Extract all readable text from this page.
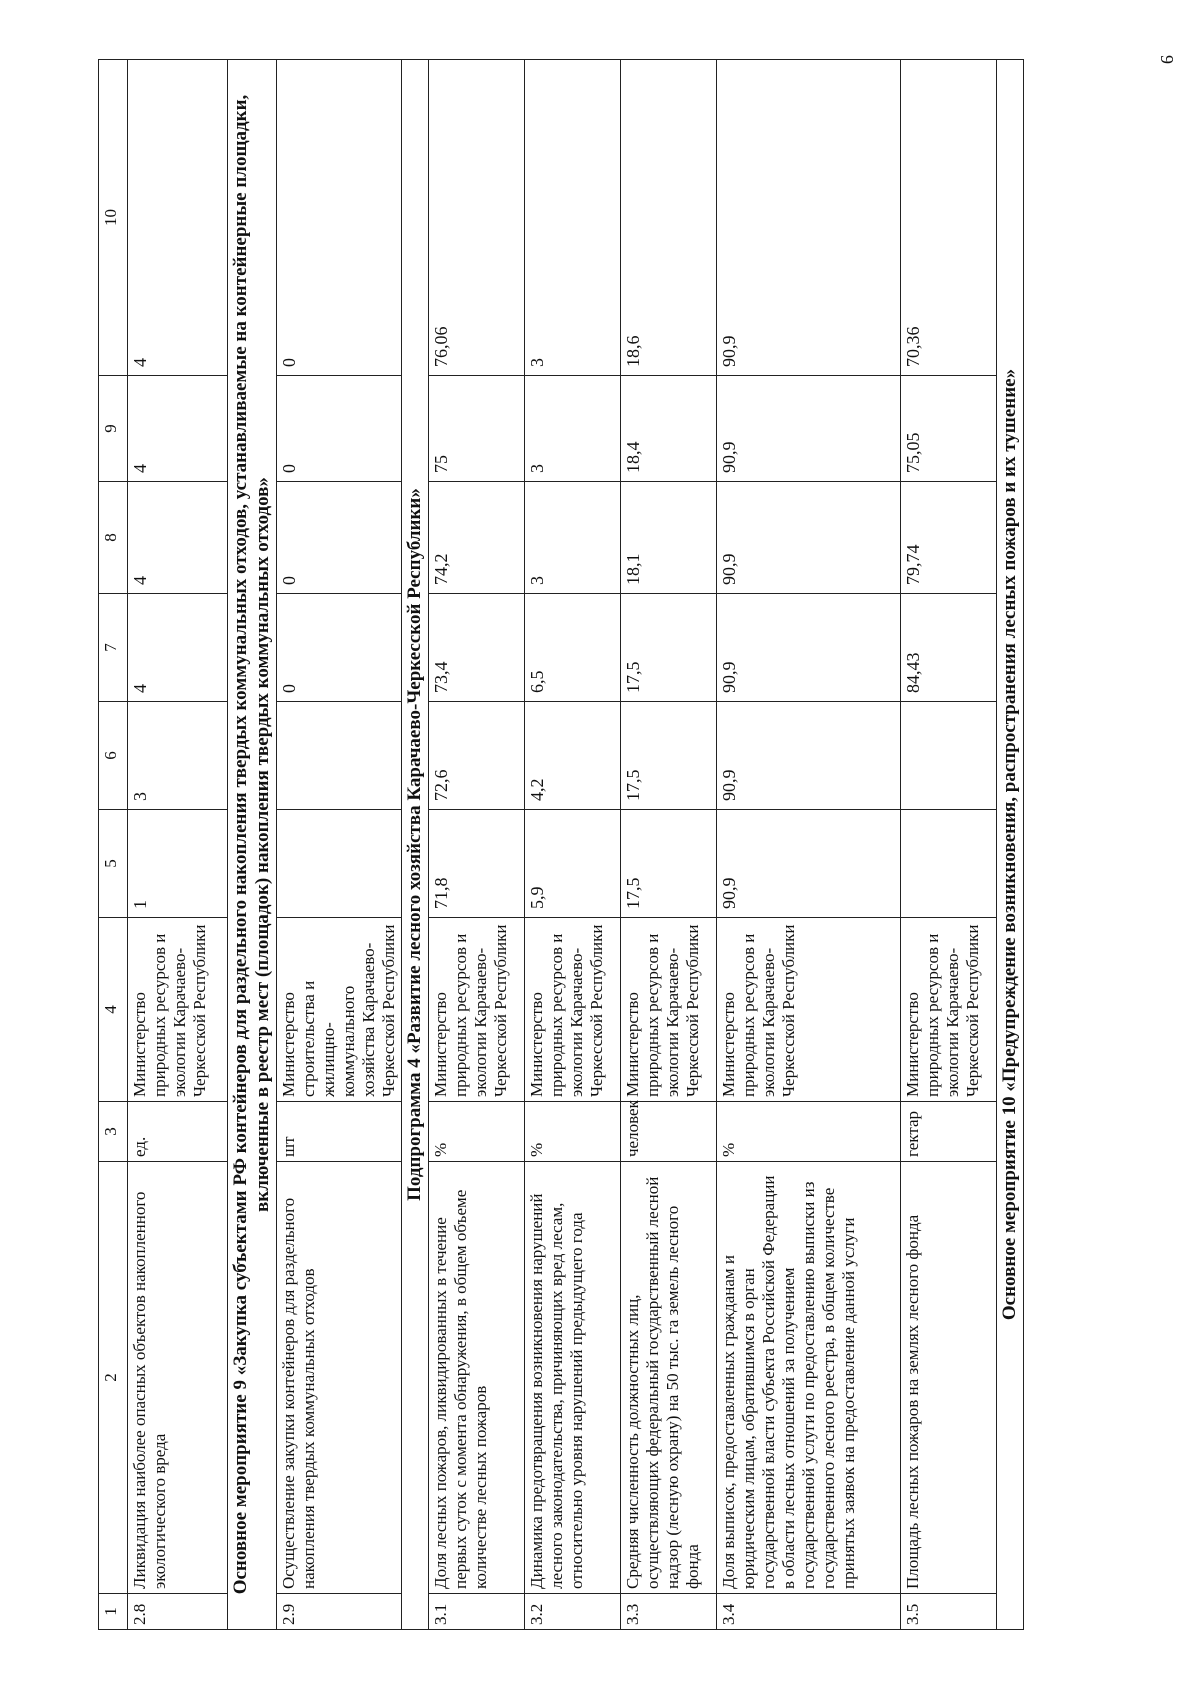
9
1	2	3	4	5	6	7	8	9	10
2.8	Ликвидация наиболее опасных объектов накопленного экологического вреда	ед.	Министерство природных ресурсов и экологии Карачаево-Черкесской Республики	1	3	4	4	4	4
Основное мероприятие 9 «Закупка субъектами РФ контейнеров для раздельного накопления твердых коммунальных отходов, устанавливаемые на контейнерные площадки, включенные в реестр мест (площадок) накопления твердых коммунальных отходов»									
2.9	Осуществление закупки контейнеров для раздельного накопления твердых коммунальных отходов	шт	Министерство строительства и жилищно-коммунального хозяйства Карачаево-Черкесской Республики			0	0	0	0
Подпрограмма 4 «Развитие лесного хозяйства Карачаево-Черкесской Республики»									
3.1	Доля лесных пожаров, ликвидированных в течение первых суток с момента обнаружения, в общем объеме количестве лесных пожаров	%	Министерство природных ресурсов и экологии Карачаево-Черкесской Республики	71,8	72,6	73,4	74,2	75	76,06
3.2	Динамика предотвращения возникновения нарушений лесного законодательства, причиняющих вред лесам, относительно уровня нарушений предыдущего года	%	Министерство природных ресурсов и экологии Карачаево-Черкесской Республики	5,9	4,2	6,5	3	3	3
3.3	Средняя численность должностных лиц, осуществляющих федеральный государственный лесной надзор (лесную охрану) на 50 тыс. га земель лесного фонда	человек	Министерство природных ресурсов и экологии Карачаево-Черкесской Республики	17,5	17,5	17,5	18,1	18,4	18,6
3.4	Доля выписок, предоставленных гражданам и юридическим лицам, обратившимся в орган государственной власти субъекта Российской Федерации в области лесных отношений за получением государственной услуги по предоставлению выписки из государственного лесного реестра, в общем количестве принятых заявок на предоставление данной услуги	%	Министерство природных ресурсов и экологии Карачаево-Черкесской Республики	90,9	90,9	90,9	90,9	90,9	90,9
3.5	Площадь лесных пожаров на землях лесного фонда	гектар	Министерство природных ресурсов и экологии Карачаево-Черкесской Республики			84,43	79,74	75,05	70,36
Основное мероприятие 10 «Предупреждение возникновения, распространения лесных пожаров и их тушение»									
